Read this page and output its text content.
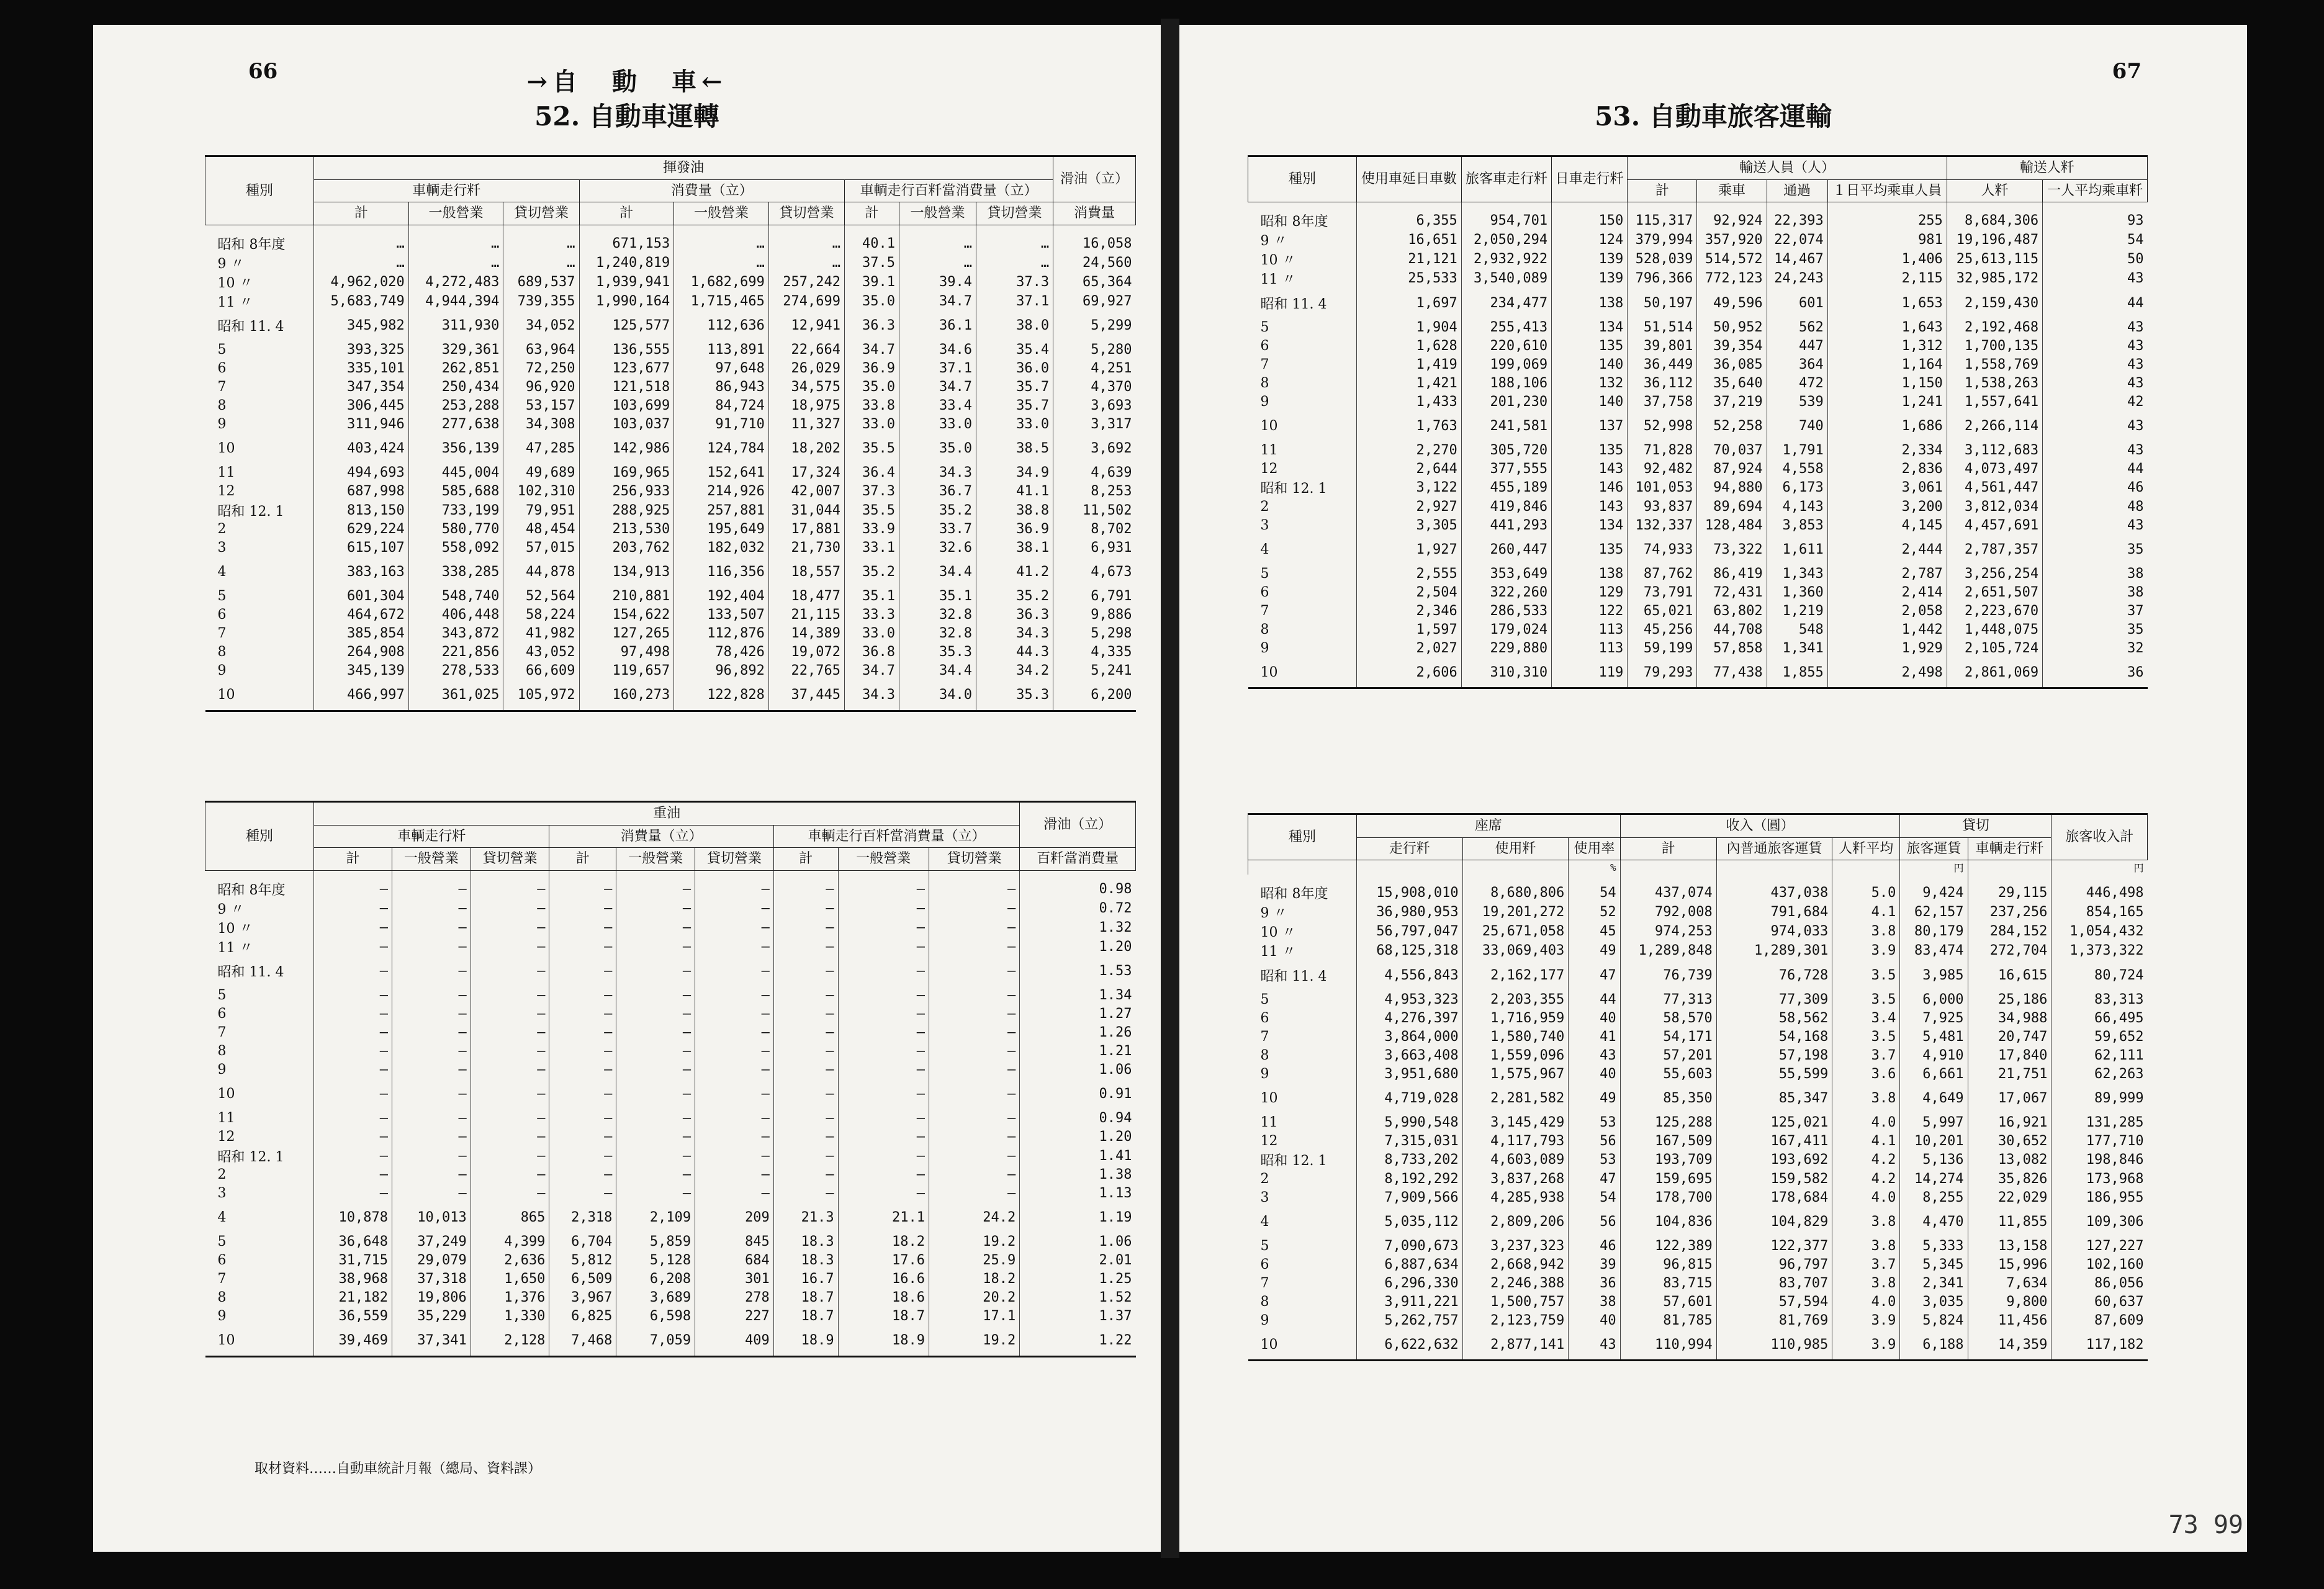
66	→自　動　車←
52. 自動車運轉
種別	揮發油									滑油（立）
	車輌走行粁			消費量（立）			車輌走行百粁當消費量（立）			
	計	一般營業	貸切營業	計	一般營業	貸切營業	計	一般營業	貸切營業	消費量
昭和 8年度	…	…	…	671,153	…	…	40.1	…	…	16,058
9 〃	…	…	…	1,240,819	…	…	37.5	…	…	24,560
10 〃	4,962,020	4,272,483	689,537	1,939,941	1,682,699	257,242	39.1	39.4	37.3	65,364
11 〃	5,683,749	4,944,394	739,355	1,990,164	1,715,465	274,699	35.0	34.7	37.1	69,927
昭和 11. 4	345,982	311,930	34,052	125,577	112,636	12,941	36.3	36.1	38.0	5,299
5	393,325	329,361	63,964	136,555	113,891	22,664	34.7	34.6	35.4	5,280
6	335,101	262,851	72,250	123,677	97,648	26,029	36.9	37.1	36.0	4,251
7	347,354	250,434	96,920	121,518	86,943	34,575	35.0	34.7	35.7	4,370
8	306,445	253,288	53,157	103,699	84,724	18,975	33.8	33.4	35.7	3,693
9	311,946	277,638	34,308	103,037	91,710	11,327	33.0	33.0	33.0	3,317
10	403,424	356,139	47,285	142,986	124,784	18,202	35.5	35.0	38.5	3,692
11	494,693	445,004	49,689	169,965	152,641	17,324	36.4	34.3	34.9	4,639
12	687,998	585,688	102,310	256,933	214,926	42,007	37.3	36.7	41.1	8,253
昭和 12. 1	813,150	733,199	79,951	288,925	257,881	31,044	35.5	35.2	38.8	11,502
2	629,224	580,770	48,454	213,530	195,649	17,881	33.9	33.7	36.9	8,702
3	615,107	558,092	57,015	203,762	182,032	21,730	33.1	32.6	38.1	6,931
4	383,163	338,285	44,878	134,913	116,356	18,557	35.2	34.4	41.2	4,673
5	601,304	548,740	52,564	210,881	192,404	18,477	35.1	35.1	35.2	6,791
6	464,672	406,448	58,224	154,622	133,507	21,115	33.3	32.8	36.3	9,886
7	385,854	343,872	41,982	127,265	112,876	14,389	33.0	32.8	34.3	5,298
8	264,908	221,856	43,052	97,498	78,426	19,072	36.8	35.3	44.3	4,335
9	345,139	278,533	66,609	119,657	96,892	22,765	34.7	34.4	34.2	5,241
10	466,997	361,025	105,972	160,273	122,828	37,445	34.3	34.0	35.3	6,200
種別	重油									滑油（立）
	車輌走行粁			消費量（立）			車輌走行百粁當消費量（立）			
	計	一般營業	貸切營業	計	一般營業	貸切營業	計	一般營業	貸切營業	百粁當消費量
昭和 8年度	—	—	—	—	—	—	—	—	—	0.98
9 〃	—	—	—	—	—	—	—	—	—	0.72
10 〃	—	—	—	—	—	—	—	—	—	1.32
11 〃	—	—	—	—	—	—	—	—	—	1.20
昭和 11. 4	—	—	—	—	—	—	—	—	—	1.53
5	—	—	—	—	—	—	—	—	—	1.34
6	—	—	—	—	—	—	—	—	—	1.27
7	—	—	—	—	—	—	—	—	—	1.26
8	—	—	—	—	—	—	—	—	—	1.21
9	—	—	—	—	—	—	—	—	—	1.06
10	—	—	—	—	—	—	—	—	—	0.91
11	—	—	—	—	—	—	—	—	—	0.94
12	—	—	—	—	—	—	—	—	—	1.20
昭和 12. 1	—	—	—	—	—	—	—	—	—	1.41
2	—	—	—	—	—	—	—	—	—	1.38
3	—	—	—	—	—	—	—	—	—	1.13
4	10,878	10,013	865	2,318	2,109	209	21.3	21.1	24.2	1.19
5	36,648	37,249	4,399	6,704	5,859	845	18.3	18.2	19.2	1.06
6	31,715	29,079	2,636	5,812	5,128	684	18.3	17.6	25.9	2.01
7	38,968	37,318	1,650	6,509	6,208	301	16.7	16.6	18.2	1.25
8	21,182	19,806	1,376	3,967	3,689	278	18.7	18.6	20.2	1.52
9	36,559	35,229	1,330	6,825	6,598	227	18.7	18.7	17.1	1.37
10	39,469	37,341	2,128	7,468	7,059	409	18.9	18.9	19.2	1.22
取材資料……自動車統計月報（總局、資料課）
67
53. 自動車旅客運輸
種別	使用車延日車數	旅客車走行粁	日車走行粁	輸送人員（人）				輸送人粁	
				計	乘車	通過	１日平均乘車人員	人粁	一人平均乘車粁
昭和 8年度	6,355	954,701	150	115,317	92,924	22,393	255	8,684,306	93
9 〃	16,651	2,050,294	124	379,994	357,920	22,074	981	19,196,487	54
10 〃	21,121	2,932,922	139	528,039	514,572	14,467	1,406	25,613,115	50
11 〃	25,533	3,540,089	139	796,366	772,123	24,243	2,115	32,985,172	43
昭和 11. 4	1,697	234,477	138	50,197	49,596	601	1,653	2,159,430	44
5	1,904	255,413	134	51,514	50,952	562	1,643	2,192,468	43
6	1,628	220,610	135	39,801	39,354	447	1,312	1,700,135	43
7	1,419	199,069	140	36,449	36,085	364	1,164	1,558,769	43
8	1,421	188,106	132	36,112	35,640	472	1,150	1,538,263	43
9	1,433	201,230	140	37,758	37,219	539	1,241	1,557,641	42
10	1,763	241,581	137	52,998	52,258	740	1,686	2,266,114	43
11	2,270	305,720	135	71,828	70,037	1,791	2,334	3,112,683	43
12	2,644	377,555	143	92,482	87,924	4,558	2,836	4,073,497	44
昭和 12. 1	3,122	455,189	146	101,053	94,880	6,173	3,061	4,561,447	46
2	2,927	419,846	143	93,837	89,694	4,143	3,200	3,812,034	48
3	3,305	441,293	134	132,337	128,484	3,853	4,145	4,457,691	43
4	1,927	260,447	135	74,933	73,322	1,611	2,444	2,787,357	35
5	2,555	353,649	138	87,762	86,419	1,343	2,787	3,256,254	38
6	2,504	322,260	129	73,791	72,431	1,360	2,414	2,651,507	38
7	2,346	286,533	122	65,021	63,802	1,219	2,058	2,223,670	37
8	1,597	179,024	113	45,256	44,708	548	1,442	1,448,075	35
9	2,027	229,880	113	59,199	57,858	1,341	1,929	2,105,724	32
10	2,606	310,310	119	79,293	77,438	1,855	2,498	2,861,069	36
種別	座席			收入（圓）			貸切		旅客收入計
	走行粁	使用粁	使用率	計	內普通旅客運賃	人粁平均	旅客運賃	車輌走行粁	
			%				円		円
昭和 8年度	15,908,010	8,680,806	54	437,074	437,038	5.0	9,424	29,115	446,498
9 〃	36,980,953	19,201,272	52	792,008	791,684	4.1	62,157	237,256	854,165
10 〃	56,797,047	25,671,058	45	974,253	974,033	3.8	80,179	284,152	1,054,432
11 〃	68,125,318	33,069,403	49	1,289,848	1,289,301	3.9	83,474	272,704	1,373,322
昭和 11. 4	4,556,843	2,162,177	47	76,739	76,728	3.5	3,985	16,615	80,724
5	4,953,323	2,203,355	44	77,313	77,309	3.5	6,000	25,186	83,313
6	4,276,397	1,716,959	40	58,570	58,562	3.4	7,925	34,988	66,495
7	3,864,000	1,580,740	41	54,171	54,168	3.5	5,481	20,747	59,652
8	3,663,408	1,559,096	43	57,201	57,198	3.7	4,910	17,840	62,111
9	3,951,680	1,575,967	40	55,603	55,599	3.6	6,661	21,751	62,263
10	4,719,028	2,281,582	49	85,350	85,347	3.8	4,649	17,067	89,999
11	5,990,548	3,145,429	53	125,288	125,021	4.0	5,997	16,921	131,285
12	7,315,031	4,117,793	56	167,509	167,411	4.1	10,201	30,652	177,710
昭和 12. 1	8,733,202	4,603,089	53	193,709	193,692	4.2	5,136	13,082	198,846
2	8,192,292	3,837,268	47	159,695	159,582	4.2	14,274	35,826	173,968
3	7,909,566	4,285,938	54	178,700	178,684	4.0	8,255	22,029	186,955
4	5,035,112	2,809,206	56	104,836	104,829	3.8	4,470	11,855	109,306
5	7,090,673	3,237,323	46	122,389	122,377	3.8	5,333	13,158	127,227
6	6,887,634	2,668,942	39	96,815	96,797	3.7	5,345	15,996	102,160
7	6,296,330	2,246,388	36	83,715	83,707	3.8	2,341	7,634	86,056
8	3,911,221	1,500,757	38	57,601	57,594	4.0	3,035	9,800	60,637
9	5,262,757	2,123,759	40	81,785	81,769	3.9	5,824	11,456	87,609
10	6,622,632	2,877,141	43	110,994	110,985	3.9	6,188	14,359	117,182
73 99
